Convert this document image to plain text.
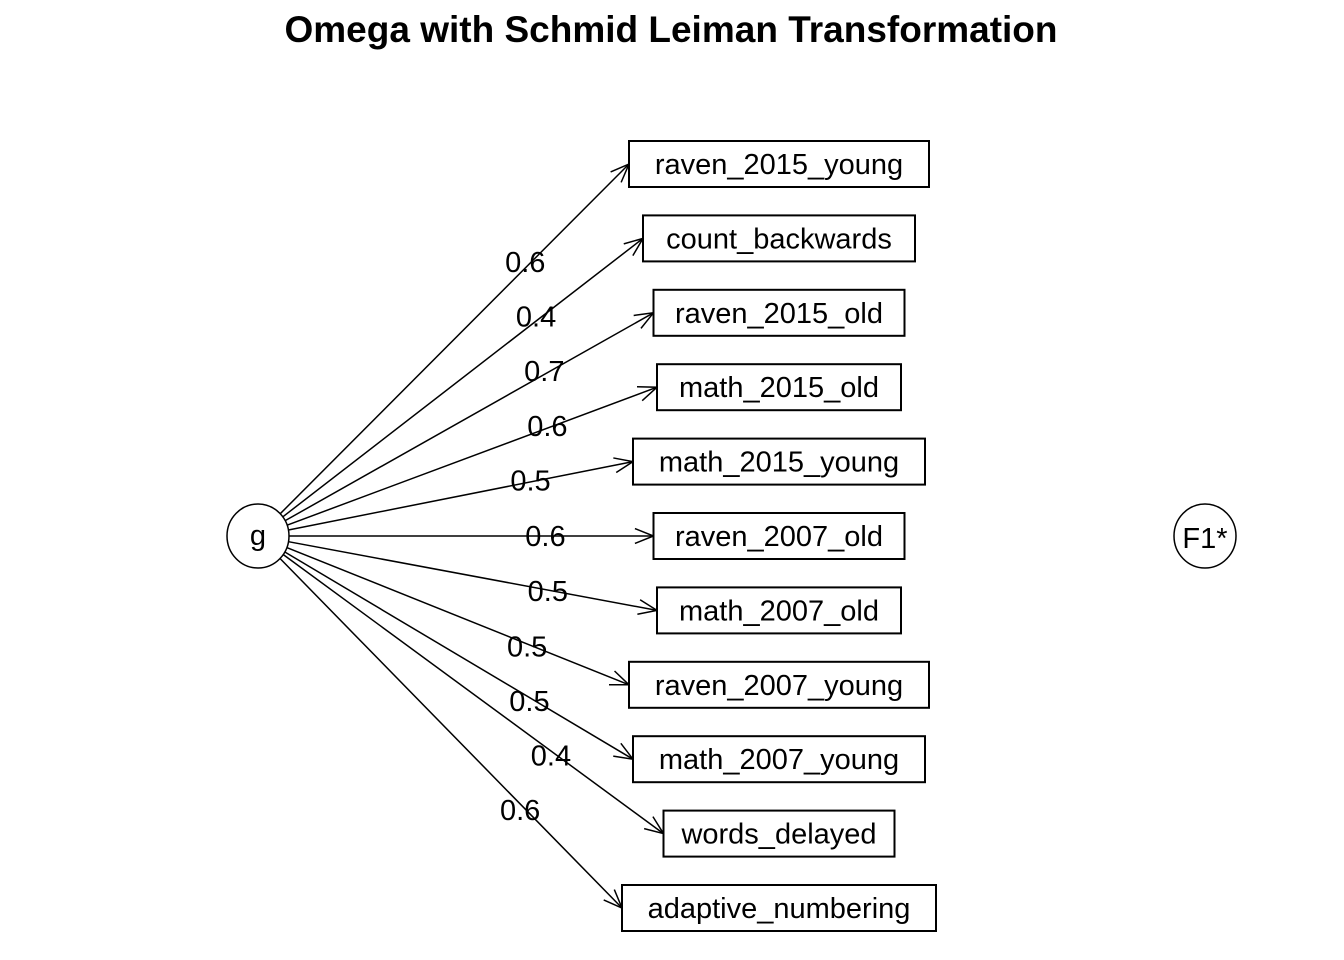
Omega with Schmid Leiman Transformation
raven_2015_young
count_backwards
raven_2015_old
math_2015_old
math_2015_young
raven_2007_old
math_2007_old
raven_2007_young
math_2007_young
words_delayed
adaptive_numbering
0.6
0.4
0.7
0.6
0.5
0.6
0.5
0.5
0.5
0.4
0.6
g	F1*
